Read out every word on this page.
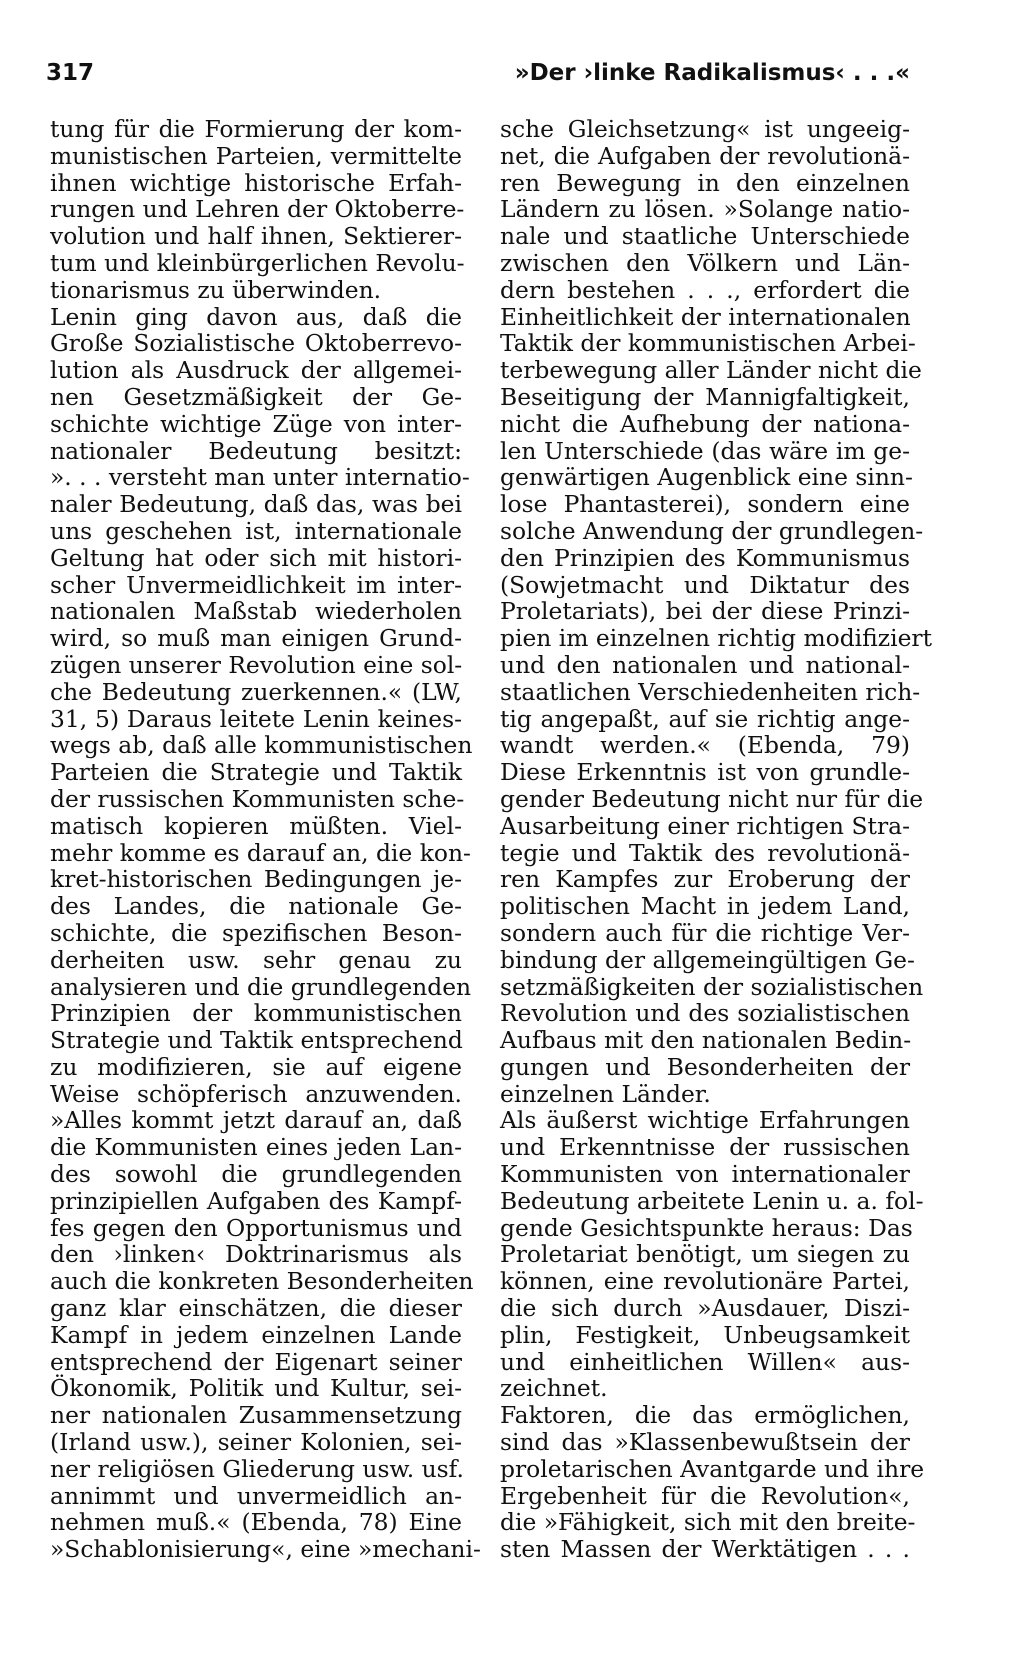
317	»Der ›linke Radikalismus‹ . . .«
tung für die Formierung der kom-
munistischen Parteien, vermittelte
ihnen wichtige historische Erfah-
rungen und Lehren der Oktoberre-
volution und half ihnen, Sektierer-
tum und kleinbürgerlichen Revolu-
tionarismus zu überwinden.
Lenin ging davon aus, daß die
Große Sozialistische Oktoberrevo-
lution als Ausdruck der allgemei-
nen Gesetzmäßigkeit der Ge-
schichte wichtige Züge von inter-
nationaler Bedeutung besitzt:
». . . versteht man unter internatio-
naler Bedeutung, daß das, was bei
uns geschehen ist, internationale
Geltung hat oder sich mit histori-
scher Unvermeidlichkeit im inter-
nationalen Maßstab wiederholen
wird, so muß man einigen Grund-
zügen unserer Revolution eine sol-
che Bedeutung zuerkennen.« (LW,
31, 5) Daraus leitete Lenin keines-
wegs ab, daß alle kommunistischen
Parteien die Strategie und Taktik
der russischen Kommunisten sche-
matisch kopieren müßten. Viel-
mehr komme es darauf an, die kon-
kret-historischen Bedingungen je-
des Landes, die nationale Ge-
schichte, die spezifischen Beson-
derheiten usw. sehr genau zu
analysieren und die grundlegenden
Prinzipien der kommunistischen
Strategie und Taktik entsprechend
zu modifizieren, sie auf eigene
Weise schöpferisch anzuwenden.
»Alles kommt jetzt darauf an, daß
die Kommunisten eines jeden Lan-
des sowohl die grundlegenden
prinzipiellen Aufgaben des Kampf-
fes gegen den Opportunismus und
den ›linken‹ Doktrinarismus als
auch die konkreten Besonderheiten
ganz klar einschätzen, die dieser
Kampf in jedem einzelnen Lande
entsprechend der Eigenart seiner
Ökonomik, Politik und Kultur, sei-
ner nationalen Zusammensetzung
(Irland usw.), seiner Kolonien, sei-
ner religiösen Gliederung usw. usf.
annimmt und unvermeidlich an-
nehmen muß.« (Ebenda, 78) Eine
»Schablonisierung«, eine »mechani-
sche Gleichsetzung« ist ungeeig-
net, die Aufgaben der revolutionä-
ren Bewegung in den einzelnen
Ländern zu lösen. »Solange natio-
nale und staatliche Unterschiede
zwischen den Völkern und Län-
dern bestehen . . ., erfordert die
Einheitlichkeit der internationalen
Taktik der kommunistischen Arbei-
terbewegung aller Länder nicht die
Beseitigung der Mannigfaltigkeit,
nicht die Aufhebung der nationa-
len Unterschiede (das wäre im ge-
genwärtigen Augenblick eine sinn-
lose Phantasterei), sondern eine
solche Anwendung der grundlegen-
den Prinzipien des Kommunismus
(Sowjetmacht und Diktatur des
Proletariats), bei der diese Prinzi-
pien im einzelnen richtig modifiziert
und den nationalen und national-
staatlichen Verschiedenheiten rich-
tig angepaßt, auf sie richtig ange-
wandt werden.« (Ebenda, 79)
Diese Erkenntnis ist von grundle-
gender Bedeutung nicht nur für die
Ausarbeitung einer richtigen Stra-
tegie und Taktik des revolutionä-
ren Kampfes zur Eroberung der
politischen Macht in jedem Land,
sondern auch für die richtige Ver-
bindung der allgemeingültigen Ge-
setzmäßigkeiten der sozialistischen
Revolution und des sozialistischen
Aufbaus mit den nationalen Bedin-
gungen und Besonderheiten der
einzelnen Länder.
Als äußerst wichtige Erfahrungen
und Erkenntnisse der russischen
Kommunisten von internationaler
Bedeutung arbeitete Lenin u. a. fol-
gende Gesichtspunkte heraus: Das
Proletariat benötigt, um siegen zu
können, eine revolutionäre Partei,
die sich durch »Ausdauer, Diszi-
plin, Festigkeit, Unbeugsamkeit
und einheitlichen Willen« aus-
zeichnet.
Faktoren, die das ermöglichen,
sind das »Klassenbewußtsein der
proletarischen Avantgarde und ihre
Ergebenheit für die Revolution«,
die »Fähigkeit, sich mit den breite-
sten Massen der Werktätigen . . .
